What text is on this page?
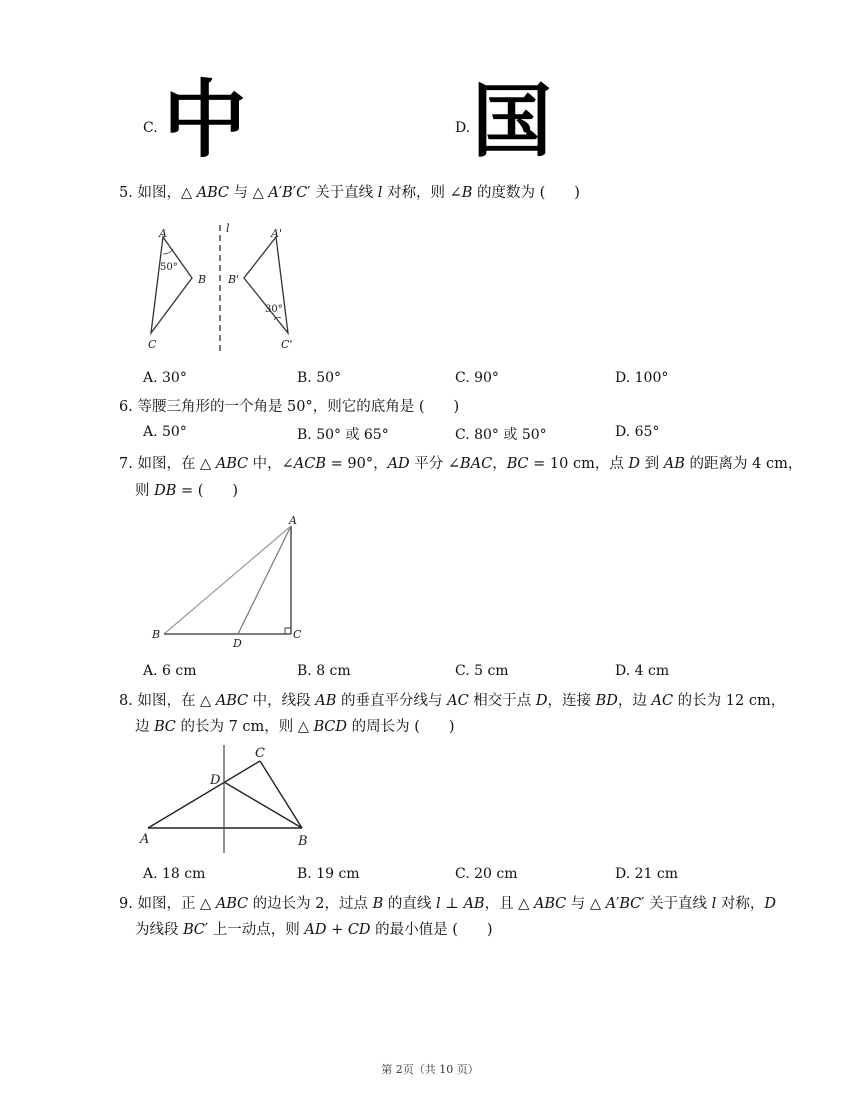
C. 中	D. 国
5. 如图，△ 𝐴𝐵𝐶 与 △ 𝐴′𝐵′𝐶′ 关于直线 𝑙 对称，则 ∠𝐵 的度数为 (　　)
A
B
C
50°
l	A'
B'
C'
30°
A. 30°	B. 50°	C. 90°	D. 100°
6. 等腰三角形的一个角是 50°，则它的底角是 (　　)
A. 50°	B. 50° 或 65°	C. 80° 或 50°	D. 65°
7. 如图，在 △ 𝐴𝐵𝐶 中，∠𝐴𝐶𝐵 = 90°，𝐴𝐷 平分 ∠𝐵𝐴𝐶，𝐵𝐶 = 10 cm，点 𝐷 到 𝐴𝐵 的距离为 4 cm，
则 𝐷𝐵 = (　　)
A
B	C
D
A. 6 cm	B. 8 cm	C. 5 cm	D. 4 cm
8. 如图，在 △ 𝐴𝐵𝐶 中，线段 𝐴𝐵 的垂直平分线与 𝐴𝐶 相交于点 𝐷，连接 𝐵𝐷，边 𝐴𝐶 的长为 12 cm，
边 𝐵𝐶 的长为 7 cm，则 △ 𝐵𝐶𝐷 的周长为 (　　)
C
D
A	B
A. 18 cm	B. 19 cm	C. 20 cm	D. 21 cm
9. 如图，正 △ 𝐴𝐵𝐶 的边长为 2，过点 𝐵 的直线 𝑙 ⊥ 𝐴𝐵，且 △ 𝐴𝐵𝐶 与 △ 𝐴′𝐵𝐶′ 关于直线 𝑙 对称，𝐷
为线段 𝐵𝐶′ 上一动点，则 𝐴𝐷 + 𝐶𝐷 的最小值是 (　　)
第 2页（共 10 页）
